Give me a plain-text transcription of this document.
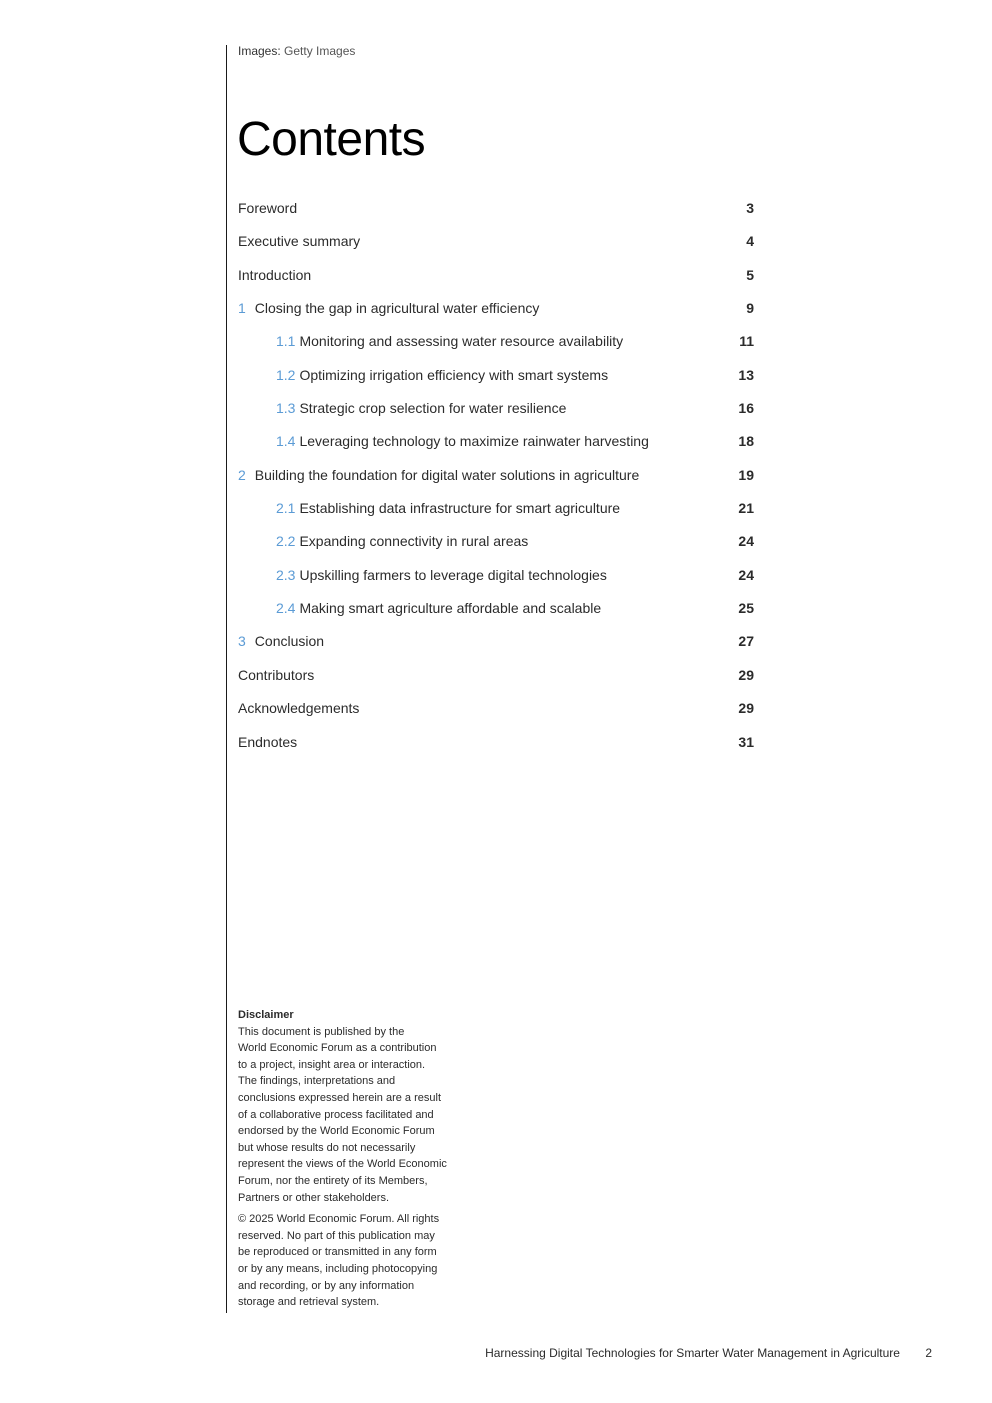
Images: Getty Images
Contents
Foreword	3
Executive summary	4
Introduction	5
1 Closing the gap in agricultural water efficiency	9
1.1 Monitoring and assessing water resource availability	11
1.2 Optimizing irrigation efficiency with smart systems	13
1.3 Strategic crop selection for water resilience	16
1.4 Leveraging technology to maximize rainwater harvesting	18
2 Building the foundation for digital water solutions in agriculture	19
2.1 Establishing data infrastructure for smart agriculture	21
2.2 Expanding connectivity in rural areas	24
2.3 Upskilling farmers to leverage digital technologies	24
2.4 Making smart agriculture affordable and scalable	25
3 Conclusion	27
Contributors	29
Acknowledgements	29
Endnotes	31

Disclaimer

This document is published by the
World Economic Forum as a contribution
to a project, insight area or interaction.
The findings, interpretations and
conclusions expressed herein are a result
of a collaborative process facilitated and
endorsed by the World Economic Forum
but whose results do not necessarily
represent the views of the World Economic
Forum, nor the entirety of its Members,
Partners or other stakeholders.

© 2025 World Economic Forum. All rights
reserved. No part of this publication may
be reproduced or transmitted in any form
or by any means, including photocopying
and recording, or by any information
storage and retrieval system.

Harnessing Digital Technologies for Smarter Water Management in Agriculture 2
